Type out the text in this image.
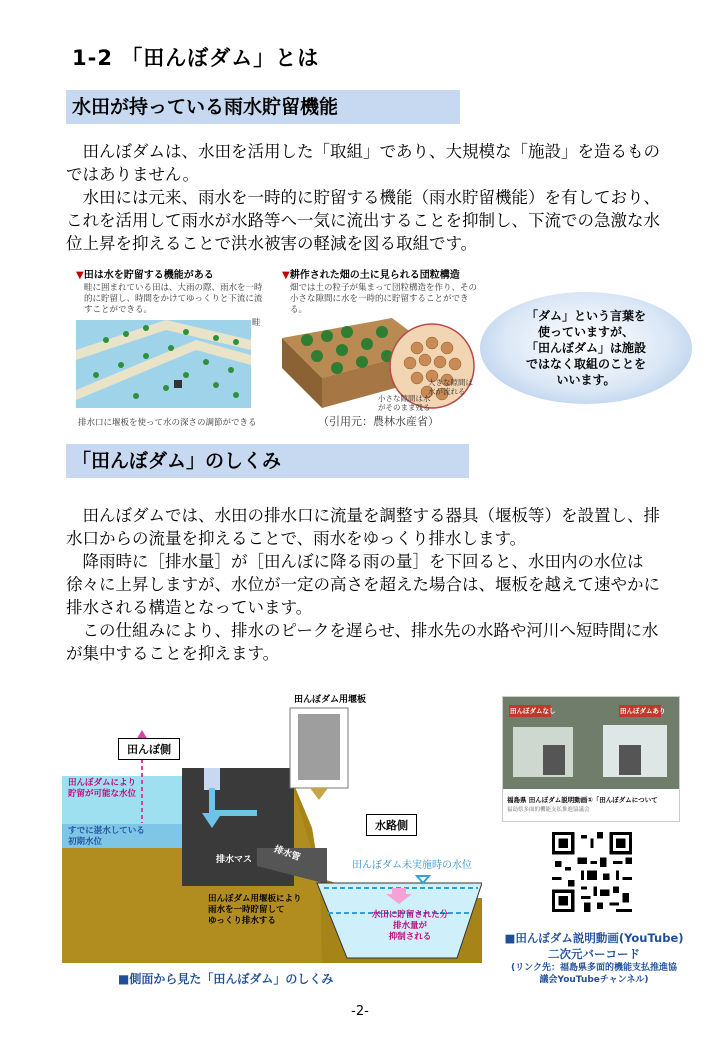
1-2 「田んぼダム」とは
水田が持っている雨水貯留機能

田んぼダムは、水田を活用した「取組」であり、大規模な「施設」を造るものではありません。

水田には元来、雨水を一時的に貯留する機能（雨水貯留機能）を有しており、これを活用して雨水が水路等へ一気に流出することを抑制し、下流での急激な水位上昇を抑えることで洪水被害の軽減を図る取組です。

▼田は水を貯留する機能がある
畦に囲まれている田は、大雨の際、雨水を一時的に貯留し、時間をかけてゆっくりと下流に流すことができる。
畦
排水口に堰板を使って水の深さの調節ができる
▼耕作された畑の土に見られる団粒構造
畑では土の粒子が集まって団粒構造を作り、その小さな隙間に水を一時的に貯留することができる。
大きな隙間は水が流れる
小さな隙間は水がそのまま残る
（引用元：農林水産省）
「ダム」という言葉を
使っていますが、
「田んぼダム」は施設
ではなく取組のことを
いいます。
「田んぼダム」のしくみ

田んぼダムでは、水田の排水口に流量を調整する器具（堰板等）を設置し、排水口からの流量を抑えることで、雨水をゆっくり排水します。

降雨時に［排水量］が［田んぼに降る雨の量］を下回ると、水田内の水位は徐々に上昇しますが、水位が一定の高さを超えた場合は、堰板を越えて速やかに排水される構造となっています。

この仕組みにより、排水のピークを遅らせ、排水先の水路や河川へ短時間に水が集中することを抑えます。

田んぼダム用堰板
田んぼ側
水路側
田んぼダムにより
貯留が可能な水位
すでに湛水している
初期水位
排水マス 排水管
田んぼダム用堰板により
雨水を一時貯留して
ゆっくり排水する
田んぼダム未実施時の水位
水田に貯留された分
排水量が
抑制される
■側面から見た「田んぼダム」のしくみ
田んぼダムなし	田んぼダムあり
福島県 田んぼダム説明動画①「田んぼダムについて
福島県多面的機能支払推進協議会
■田んぼダム説明動画(YouTube)
二次元バーコード
(リンク先：福島県多面的機能支払推進協
議会YouTubeチャンネル)
-2-
